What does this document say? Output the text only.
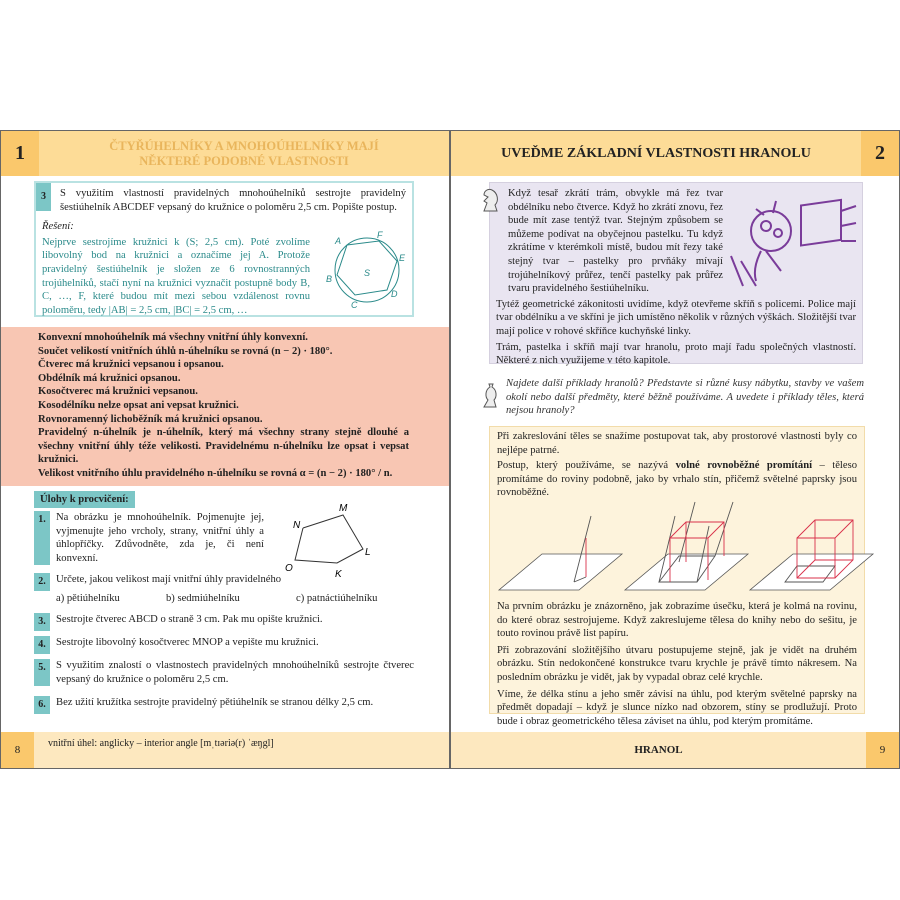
1	ČTYŘÚHELNÍKY A MNOHOÚHELNÍKY MAJÍ NĚKTERÉ PODOBNÉ VLASTNOSTI
3	S využitím vlastností pravidelných mnohoúhelníků sestrojte pravidelný šestiúhelník ABCDEF vepsaný do kružnice o poloměru 2,5 cm. Popište postup.

Řešení:

Nejprve sestrojíme kružnici k (S; 2,5 cm). Poté zvolíme libovolný bod na kružnici a označíme jej A. Protože pravidelný šestiúhelník je složen ze 6 rovnostranných trojúhelníků, stačí nyní na kružnici vyznačit postupně body B, C, …, F, které budou mít mezi sebou vzdálenost rovnu poloměru, tedy |AB| = 2,5 cm, |BC| = 2,5 cm, …

A
B
C
D
E
F
S

Konvexní mnohoúhelník má všechny vnitřní úhly konvexní.

Součet velikostí vnitřních úhlů n-úhelníku se rovná (n − 2) · 180°.

Čtverec má kružnici vepsanou i opsanou.

Obdélník má kružnici opsanou.

Kosočtverec má kružnici vepsanou.

Kosodélníku nelze opsat ani vepsat kružnici.

Rovnoramenný lichoběžník má kružnici opsanou.

Pravidelný n-úhelník je n-úhelník, který má všechny strany stejně dlouhé a všechny vnitřní úhly téže velikosti. Pravidelnému n-úhelníku lze opsat i vepsat kružnici.

Velikost vnitřního úhlu pravidelného n-úhelníku se rovná α = (n − 2) · 180° / n.

Úlohy k procvičení:
1. Na obrázku je mnohoúhelník. Pojmenujte jej, vyjmenujte jeho vrcholy, strany, vnitřní úhly a úhlopříčky. Zdůvodněte, zda je, či není konvexní.

M
N
L
O
K
2. Určete, jakou velikost mají vnitřní úhly pravidelného

a) pětiúhelníku	b) sedmiúhelníku	c) patnáctiúhelníku
3. Sestrojte čtverec ABCD o straně 3 cm. Pak mu opište kružnici.

4. Sestrojte libovolný kosočtverec MNOP a vepište mu kružnici.

5. S využitím znalostí o vlastnostech pravidelných mnohoúhelníků sestrojte čtverec vepsaný do kružnice o poloměru 2,5 cm.

6. Bez užití kružítka sestrojte pravidelný pětiúhelník se stranou délky 2,5 cm.

8
vnitřní úhel: anglicky – interior angle [mˌtɪəriə(r) ˈæŋgl]
UVEĎME ZÁKLADNÍ VLASTNOSTI HRANOLU	2

Když tesař zkrátí trám, obvykle má řez tvar obdélníku nebo čtverce. Když ho zkrátí znovu, řez bude mít zase tentýž tvar. Stejným způsobem se můžeme podívat na obyčejnou pastelku. Tu když zkrátíme v kterémkoli místě, budou mít řezy také stejný tvar – pastelky pro prvňáky mívají trojúhelníkový průřez, tenčí pastelky pak průřez tvaru pravidelného šestiúhelníku.

Tytéž geometrické zákonitosti uvidíme, když otevřeme skříň s policemi. Police mají tvar obdélníku a ve skříni je jich umístěno několik v různých výškách. Složitější tvar mají police v rohové skříňce kuchyňské linky.

Trám, pastelka i skříň mají tvar hranolu, proto mají řadu společných vlastností. Některé z nich využijeme v této kapitole.

Najdete další příklady hranolů? Představte si různé kusy nábytku, stavby ve vašem okolí nebo další předměty, které běžně používáme. A uvedete i příklady těles, která nejsou hranoly?

Při zakreslování těles se snažíme postupovat tak, aby prostorové vlastnosti byly co nejlépe patrné.

Postup, který používáme, se nazývá volné rovnoběžné promítání – těleso promítáme do roviny podobně, jako by vrhalo stín, přičemž světelné paprsky jsou rovnoběžné.

Na prvním obrázku je znázorněno, jak zobrazíme úsečku, která je kolmá na rovinu, do které obraz sestrojujeme. Když zakreslujeme tělesa do knihy nebo do sešitu, je touto rovinou právě list papíru.

Při zobrazování složitějšího útvaru postupujeme stejně, jak je vidět na druhém obrázku. Stín nedokončené konstrukce tvaru krychle je právě tímto nákresem. Na posledním obrázku je vidět, jak by vypadal obraz celé krychle.

Víme, že délka stínu a jeho směr závisí na úhlu, pod kterým světelné paprsky na předmět dopadají – když je slunce nízko nad obzorem, stíny se prodlužují. Proto bude i obraz geometrického tělesa záviset na úhlu, pod kterým promítáme.

HRANOL	9
